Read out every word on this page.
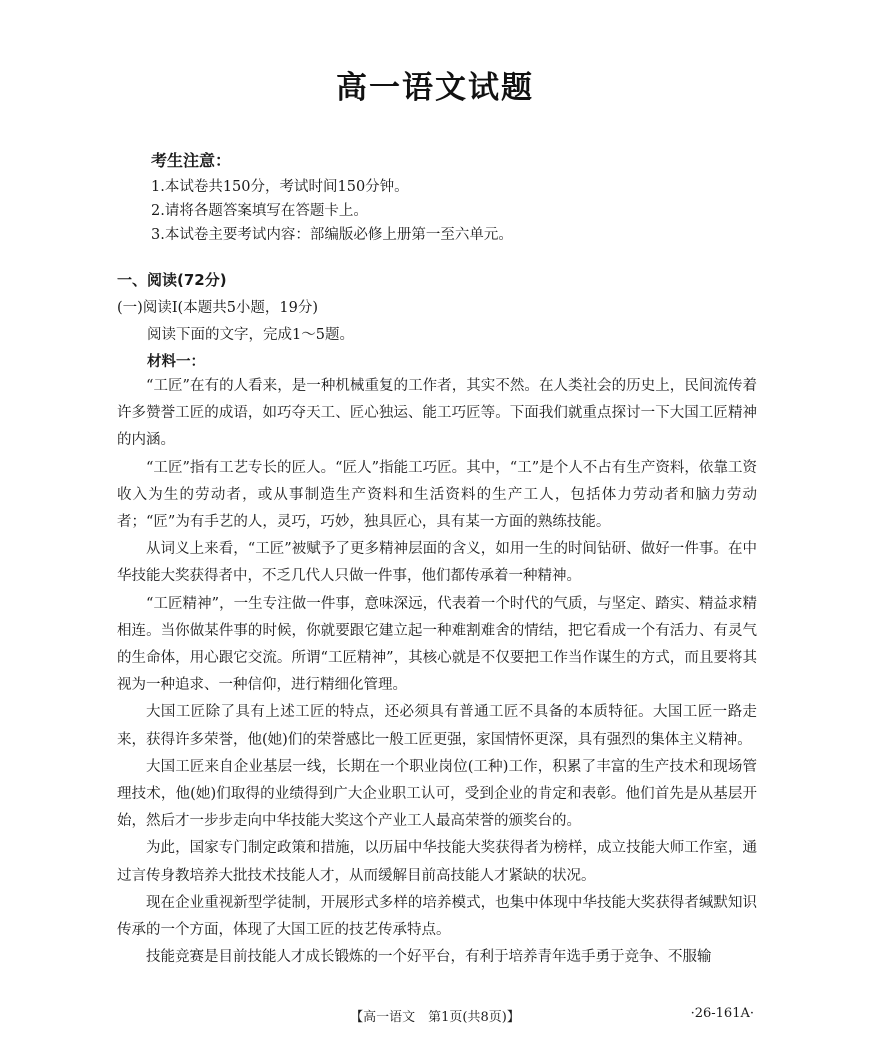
高一语文试题
考生注意：
1.本试卷共150分，考试时间150分钟。
2.请将各题答案填写在答题卡上。
3.本试卷主要考试内容：部编版必修上册第一至六单元。
一、阅读(72分)
(一)阅读Ⅰ(本题共5小题，19分)
阅读下面的文字，完成1～5题。
材料一：

“工匠”在有的人看来，是一种机械重复的工作者，其实不然。在人类社会的历史上，民间流传着许多赞誉工匠的成语，如巧夺天工、匠心独运、能工巧匠等。下面我们就重点探讨一下大国工匠精神的内涵。

“工匠”指有工艺专长的匠人。“匠人”指能工巧匠。其中，“工”是个人不占有生产资料，依靠工资收入为生的劳动者，或从事制造生产资料和生活资料的生产工人，包括体力劳动者和脑力劳动者；“匠”为有手艺的人，灵巧，巧妙，独具匠心，具有某一方面的熟练技能。

从词义上来看，“工匠”被赋予了更多精神层面的含义，如用一生的时间钻研、做好一件事。在中华技能大奖获得者中，不乏几代人只做一件事，他们都传承着一种精神。

“工匠精神”，一生专注做一件事，意味深远，代表着一个时代的气质，与坚定、踏实、精益求精相连。当你做某件事的时候，你就要跟它建立起一种难割难舍的情结，把它看成一个有活力、有灵气的生命体，用心跟它交流。所谓“工匠精神”，其核心就是不仅要把工作当作谋生的方式，而且要将其视为一种追求、一种信仰，进行精细化管理。

大国工匠除了具有上述工匠的特点，还必须具有普通工匠不具备的本质特征。大国工匠一路走来，获得许多荣誉，他(她)们的荣誉感比一般工匠更强，家国情怀更深，具有强烈的集体主义精神。

大国工匠来自企业基层一线，长期在一个职业岗位(工种)工作，积累了丰富的生产技术和现场管理技术，他(她)们取得的业绩得到广大企业职工认可，受到企业的肯定和表彰。他们首先是从基层开始，然后才一步步走向中华技能大奖这个产业工人最高荣誉的颁奖台的。

为此，国家专门制定政策和措施，以历届中华技能大奖获得者为榜样，成立技能大师工作室，通过言传身教培养大批技术技能人才，从而缓解目前高技能人才紧缺的状况。

现在企业重视新型学徒制，开展形式多样的培养模式，也集中体现中华技能大奖获得者缄默知识传承的一个方面，体现了大国工匠的技艺传承特点。

技能竞赛是目前技能人才成长锻炼的一个好平台，有利于培养青年选手勇于竞争、不服输

【高一语文　第1页(共8页)】	·26-161A·
